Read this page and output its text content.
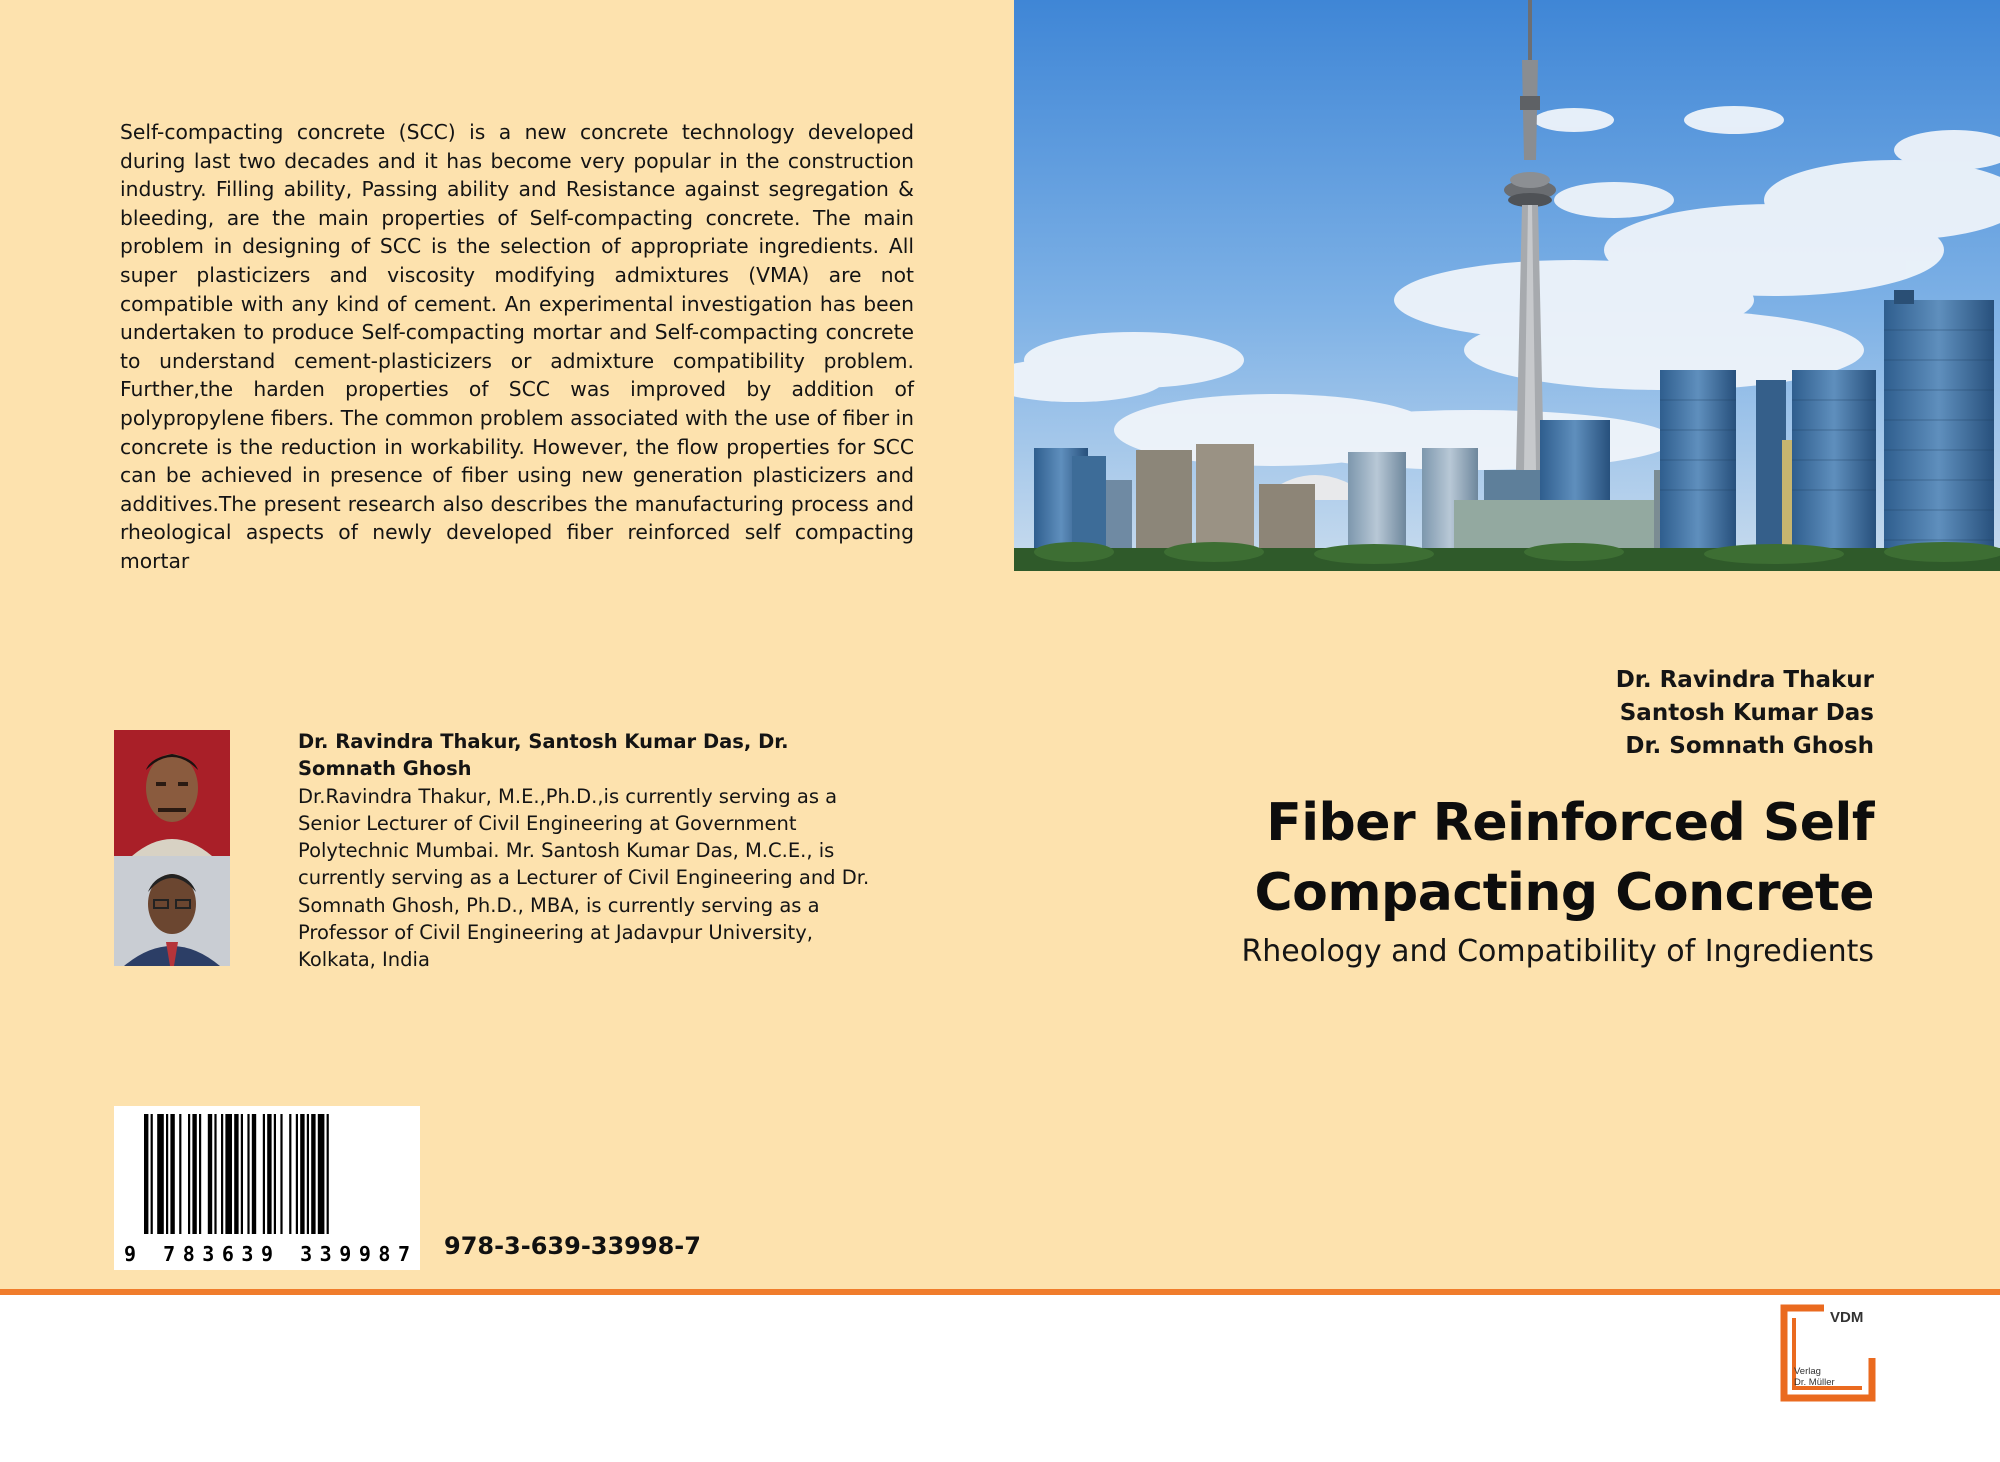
Self-compacting concrete (SCC) is a new concrete technology developed during last two decades and it has become very popular in the construction industry. Filling ability, Passing ability and Resistance against segregation & bleeding, are the main properties of Self-compacting concrete. The main problem in designing of SCC is the selection of appropriate ingredients. All super plasticizers and viscosity modifying admixtures (VMA) are not compatible with any kind of cement. An experimental investigation has been undertaken to produce Self-compacting mortar and Self-compacting concrete to understand cement-plasticizers or admixture compatibility problem. Further,the harden properties of SCC was improved by addition of polypropylene fibers. The common problem associated with the use of fiber in concrete is the reduction in workability. However, the flow properties for SCC can be achieved in presence of fiber using new generation plasticizers and additives.The present research also describes the manufacturing process and rheological aspects of newly developed fiber reinforced self compacting mortar
Dr. Ravindra Thakur, Santosh Kumar Das, Dr. Somnath Ghosh
Dr.Ravindra Thakur, M.E.,Ph.D.,is currently serving as a Senior Lecturer of Civil Engineering at Government Polytechnic Mumbai. Mr. Santosh Kumar Das, M.C.E., is currently serving as a Lecturer of Civil Engineering and Dr. Somnath Ghosh, Ph.D., MBA, is currently serving as a Professor of Civil Engineering at Jadavpur University, Kolkata, India
Dr. Ravindra Thakur
Santosh Kumar Das
Dr. Somnath Ghosh
Fiber Reinforced Self
Compacting Concrete
Rheology and Compatibility of Ingredients
9 783639 339987 978-3-639-33998-7
VDM
Verlag
Dr. Müller
